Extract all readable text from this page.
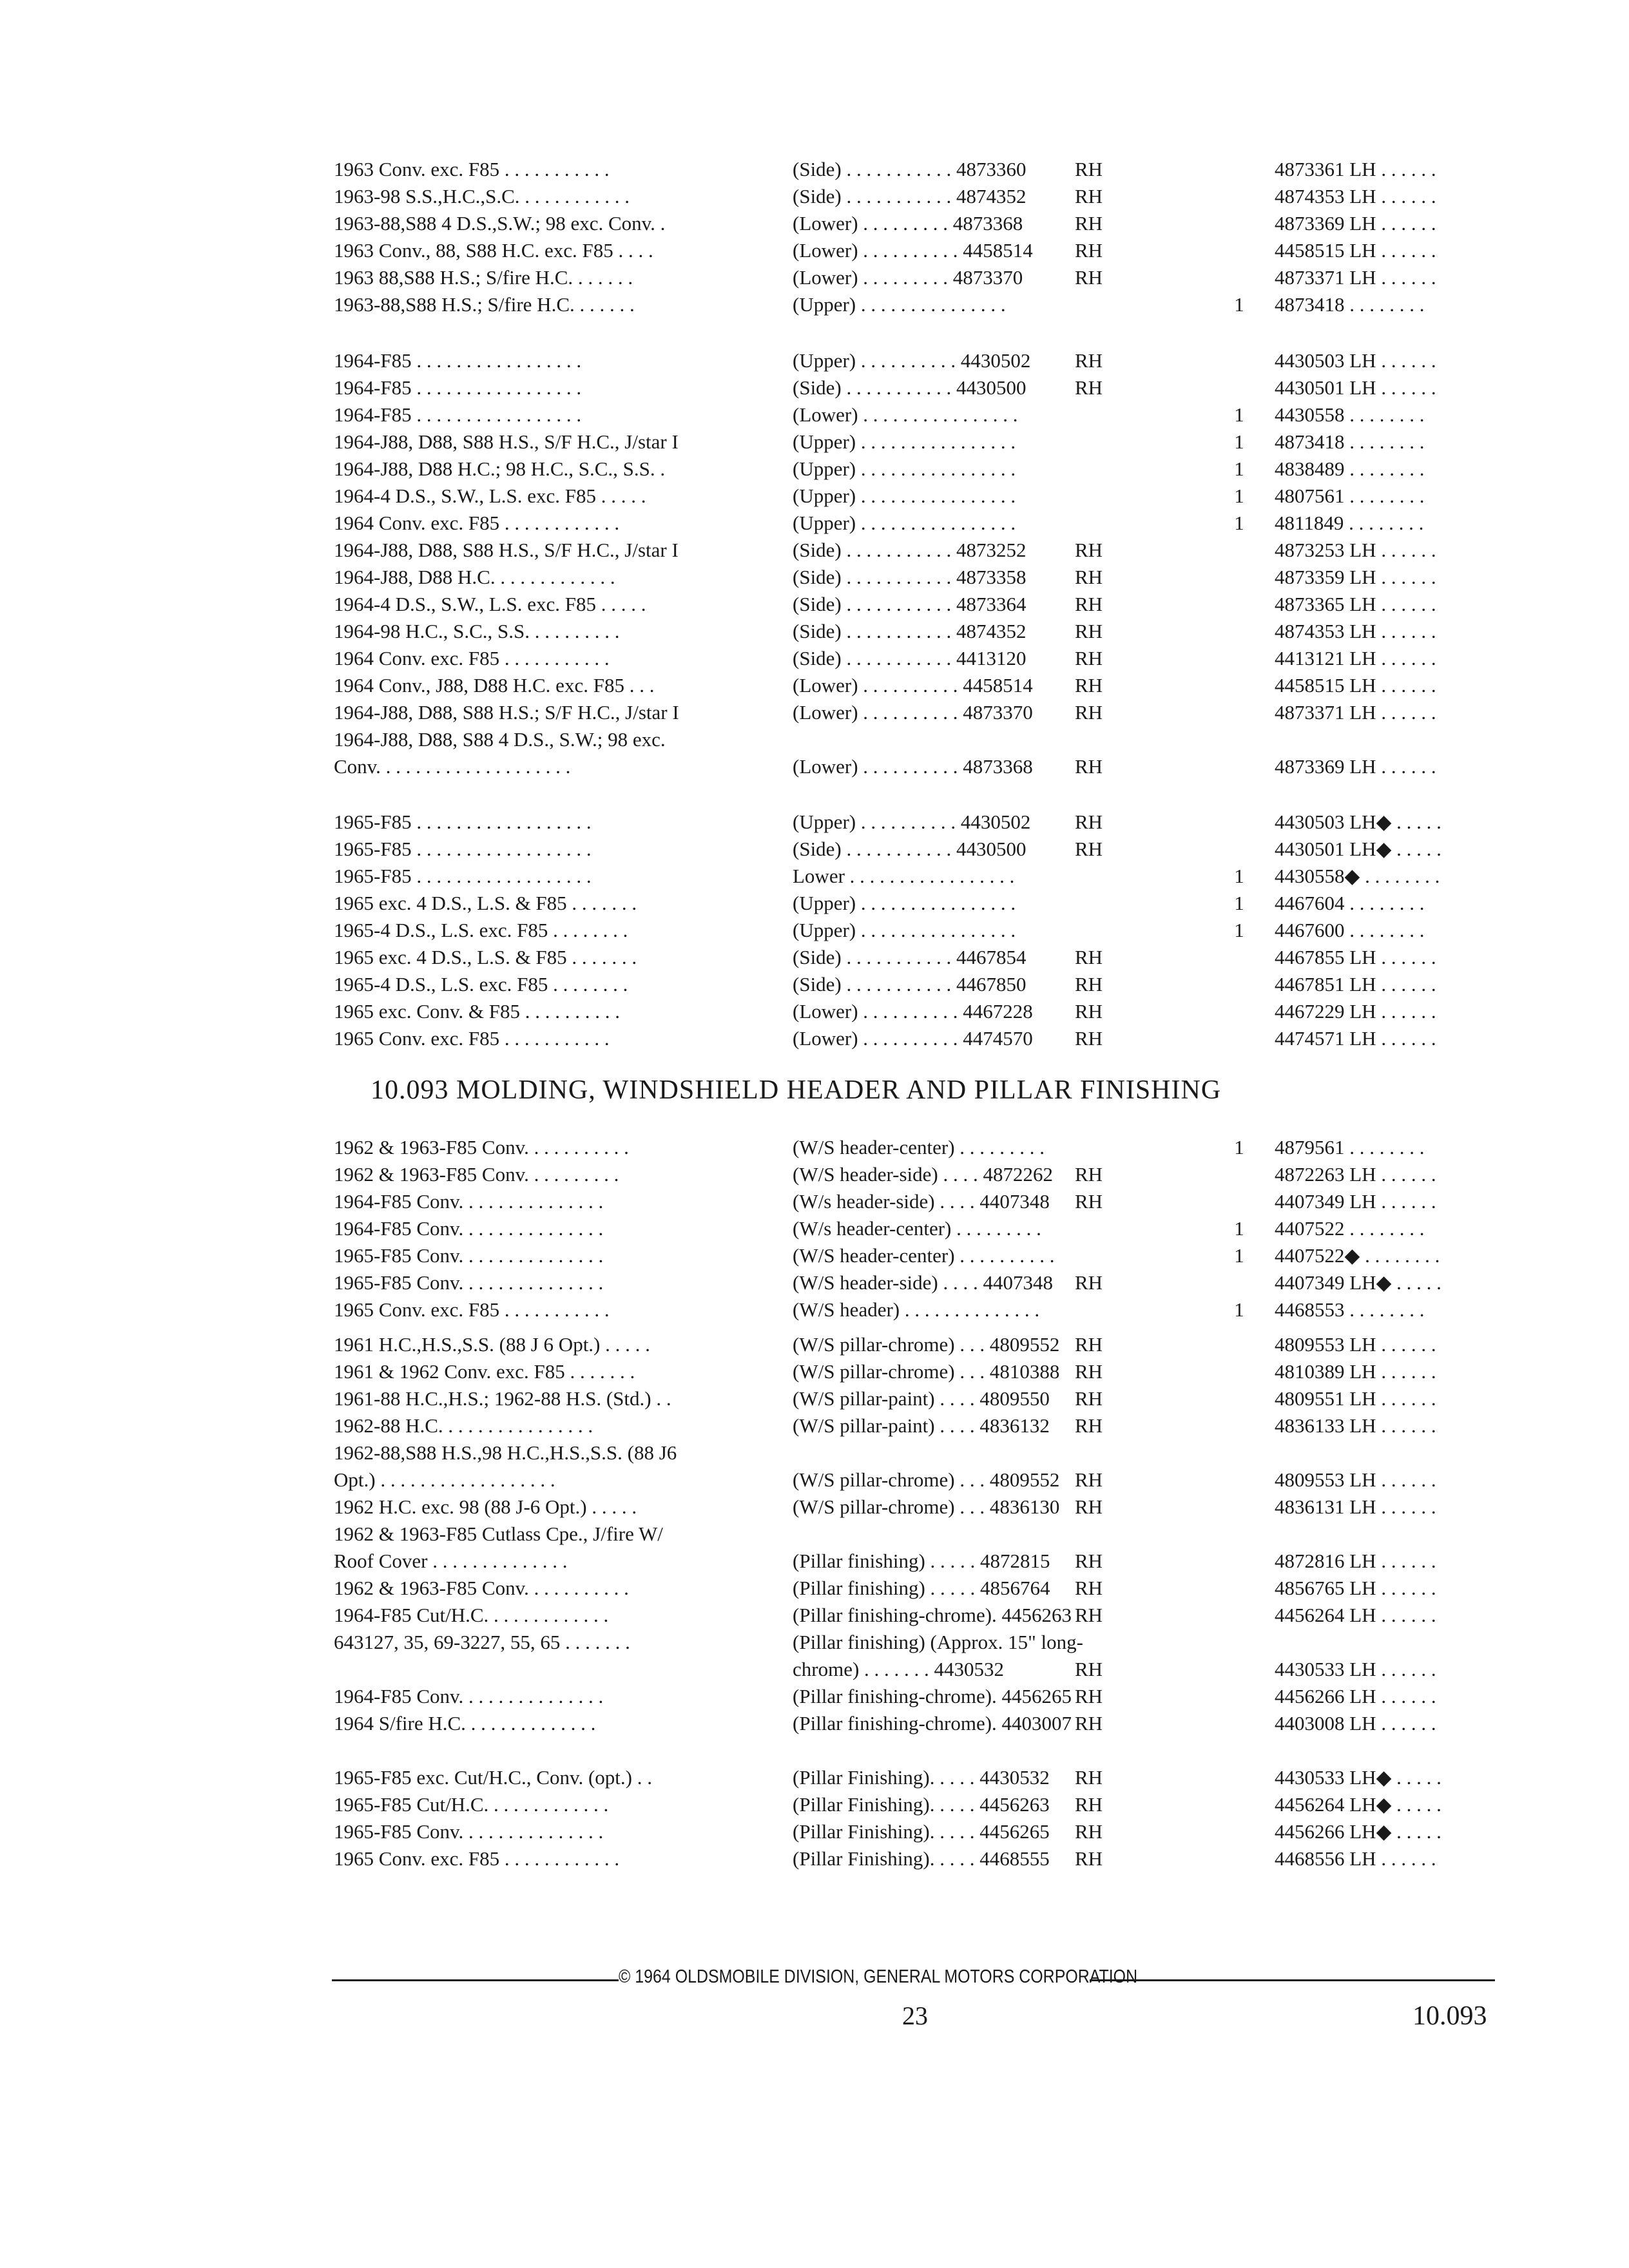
1963 Conv. exc. F85 . . . . . . . . . . .	(Side) . . . . . . . . . . . 4873360	RH	4873361 LH . . . . . .
1963-98 S.S.,H.C.,S.C. . . . . . . . . . . .	(Side) . . . . . . . . . . . 4874352	RH	4874353 LH . . . . . .
1963-88,S88 4 D.S.,S.W.; 98 exc. Conv. .	(Lower) . . . . . . . . . 4873368	RH	4873369 LH . . . . . .
1963 Conv., 88, S88 H.C. exc. F85 . . . .	(Lower) . . . . . . . . . . 4458514	RH	4458515 LH . . . . . .
1963 88,S88 H.S.; S/fire H.C. . . . . . .	(Lower) . . . . . . . . . 4873370	RH	4873371 LH . . . . . .
1963-88,S88 H.S.; S/fire H.C. . . . . . .	(Upper) . . . . . . . . . . . . . . .	1	4873418 . . . . . . . .
1964-F85 . . . . . . . . . . . . . . . . .	(Upper) . . . . . . . . . . 4430502	RH	4430503 LH . . . . . .
1964-F85 . . . . . . . . . . . . . . . . .	(Side) . . . . . . . . . . . 4430500	RH	4430501 LH . . . . . .
1964-F85 . . . . . . . . . . . . . . . . .	(Lower) . . . . . . . . . . . . . . . .	1	4430558 . . . . . . . .
1964-J88, D88, S88 H.S., S/F H.C., J/star I	(Upper) . . . . . . . . . . . . . . . .	1	4873418 . . . . . . . .
1964-J88, D88 H.C.; 98 H.C., S.C., S.S. .	(Upper) . . . . . . . . . . . . . . . .	1	4838489 . . . . . . . .
1964-4 D.S., S.W., L.S. exc. F85 . . . . .	(Upper) . . . . . . . . . . . . . . . .	1	4807561 . . . . . . . .
1964 Conv. exc. F85 . . . . . . . . . . . .	(Upper) . . . . . . . . . . . . . . . .	1	4811849 . . . . . . . .
1964-J88, D88, S88 H.S., S/F H.C., J/star I	(Side) . . . . . . . . . . . 4873252	RH	4873253 LH . . . . . .
1964-J88, D88 H.C. . . . . . . . . . . . .	(Side) . . . . . . . . . . . 4873358	RH	4873359 LH . . . . . .
1964-4 D.S., S.W., L.S. exc. F85 . . . . .	(Side) . . . . . . . . . . . 4873364	RH	4873365 LH . . . . . .
1964-98 H.C., S.C., S.S. . . . . . . . . .	(Side) . . . . . . . . . . . 4874352	RH	4874353 LH . . . . . .
1964 Conv. exc. F85 . . . . . . . . . . .	(Side) . . . . . . . . . . . 4413120	RH	4413121 LH . . . . . .
1964 Conv., J88, D88 H.C. exc. F85 . . .	(Lower) . . . . . . . . . . 4458514	RH	4458515 LH . . . . . .
1964-J88, D88, S88 H.S.; S/F H.C., J/star I	(Lower) . . . . . . . . . . 4873370	RH	4873371 LH . . . . . .
1964-J88, D88, S88 4 D.S., S.W.; 98 exc.
Conv. . . . . . . . . . . . . . . . . . . .	(Lower) . . . . . . . . . . 4873368	RH	4873369 LH . . . . . .
1965-F85 . . . . . . . . . . . . . . . . . .	(Upper) . . . . . . . . . . 4430502	RH	4430503 LH◆ . . . . .
1965-F85 . . . . . . . . . . . . . . . . . .	(Side) . . . . . . . . . . . 4430500	RH	4430501 LH◆ . . . . .
1965-F85 . . . . . . . . . . . . . . . . . .	Lower . . . . . . . . . . . . . . . . .	1	4430558◆ . . . . . . . .
1965 exc. 4 D.S., L.S. & F85 . . . . . . .	(Upper) . . . . . . . . . . . . . . . .	1	4467604 . . . . . . . .
1965-4 D.S., L.S. exc. F85 . . . . . . . .	(Upper) . . . . . . . . . . . . . . . .	1	4467600 . . . . . . . .
1965 exc. 4 D.S., L.S. & F85 . . . . . . .	(Side) . . . . . . . . . . . 4467854	RH	4467855 LH . . . . . .
1965-4 D.S., L.S. exc. F85 . . . . . . . .	(Side) . . . . . . . . . . . 4467850	RH	4467851 LH . . . . . .
1965 exc. Conv. & F85 . . . . . . . . . .	(Lower) . . . . . . . . . . 4467228	RH	4467229 LH . . . . . .
1965 Conv. exc. F85 . . . . . . . . . . .	(Lower) . . . . . . . . . . 4474570	RH	4474571 LH . . . . . .
10.093 MOLDING, WINDSHIELD HEADER AND PILLAR FINISHING
1962 & 1963-F85 Conv. . . . . . . . . . .	(W/S header-center) . . . . . . . . .	1	4879561 . . . . . . . .
1962 & 1963-F85 Conv. . . . . . . . . .	(W/S header-side) . . . . 4872262	RH	4872263 LH . . . . . .
1964-F85 Conv. . . . . . . . . . . . . . .	(W/s header-side) . . . . 4407348	RH	4407349 LH . . . . . .
1964-F85 Conv. . . . . . . . . . . . . . .	(W/s header-center) . . . . . . . . .	1	4407522 . . . . . . . .
1965-F85 Conv. . . . . . . . . . . . . . .	(W/S header-center) . . . . . . . . . .	1	4407522◆ . . . . . . . .
1965-F85 Conv. . . . . . . . . . . . . . .	(W/S header-side) . . . . 4407348	RH	4407349 LH◆ . . . . .
1965 Conv. exc. F85 . . . . . . . . . . .	(W/S header) . . . . . . . . . . . . . .	1	4468553 . . . . . . . .
1961 H.C.,H.S.,S.S. (88 J 6 Opt.) . . . . .	(W/S pillar-chrome) . . . 4809552 RH	4809553 LH . . . . . .
1961 & 1962 Conv. exc. F85 . . . . . . .	(W/S pillar-chrome) . . . 4810388 RH	4810389 LH . . . . . .
1961-88 H.C.,H.S.; 1962-88 H.S. (Std.) . .	(W/S pillar-paint) . . . . 4809550	RH	4809551 LH . . . . . .
1962-88 H.C. . . . . . . . . . . . . . . .	(W/S pillar-paint) . . . . 4836132	RH	4836133 LH . . . . . .
1962-88,S88 H.S.,98 H.C.,H.S.,S.S. (88 J6
Opt.) . . . . . . . . . . . . . . . . . .	(W/S pillar-chrome) . . . 4809552 RH	4809553 LH . . . . . .
1962 H.C. exc. 98 (88 J-6 Opt.) . . . . .	(W/S pillar-chrome) . . . 4836130 RH	4836131 LH . . . . . .
1962 & 1963-F85 Cutlass Cpe., J/fire W/
Roof Cover . . . . . . . . . . . . . .	(Pillar finishing) . . . . . 4872815	RH	4872816 LH . . . . . .
1962 & 1963-F85 Conv. . . . . . . . . . .	(Pillar finishing) . . . . . 4856764	RH	4856765 LH . . . . . .
1964-F85 Cut/H.C. . . . . . . . . . . . .	(Pillar finishing-chrome). 4456263 RH	4456264 LH . . . . . .
643127, 35, 69-3227, 55, 65 . . . . . . .	(Pillar finishing) (Approx. 15" long-
chrome) . . . . . . . 4430532	RH	4430533 LH . . . . . .
1964-F85 Conv. . . . . . . . . . . . . . .	(Pillar finishing-chrome). 4456265 RH	4456266 LH . . . . . .
1964 S/fire H.C. . . . . . . . . . . . . .	(Pillar finishing-chrome). 4403007 RH	4403008 LH . . . . . .
1965-F85 exc. Cut/H.C., Conv. (opt.) . .	(Pillar Finishing). . . . . 4430532	RH	4430533 LH◆ . . . . .
1965-F85 Cut/H.C. . . . . . . . . . . . .	(Pillar Finishing). . . . . 4456263	RH	4456264 LH◆ . . . . .
1965-F85 Conv. . . . . . . . . . . . . . .	(Pillar Finishing). . . . . 4456265	RH	4456266 LH◆ . . . . .
1965 Conv. exc. F85 . . . . . . . . . . . .	(Pillar Finishing). . . . . 4468555	RH	4468556 LH . . . . . .
© 1964 OLDSMOBILE DIVISION, GENERAL MOTORS CORPORATION
23	10.093
